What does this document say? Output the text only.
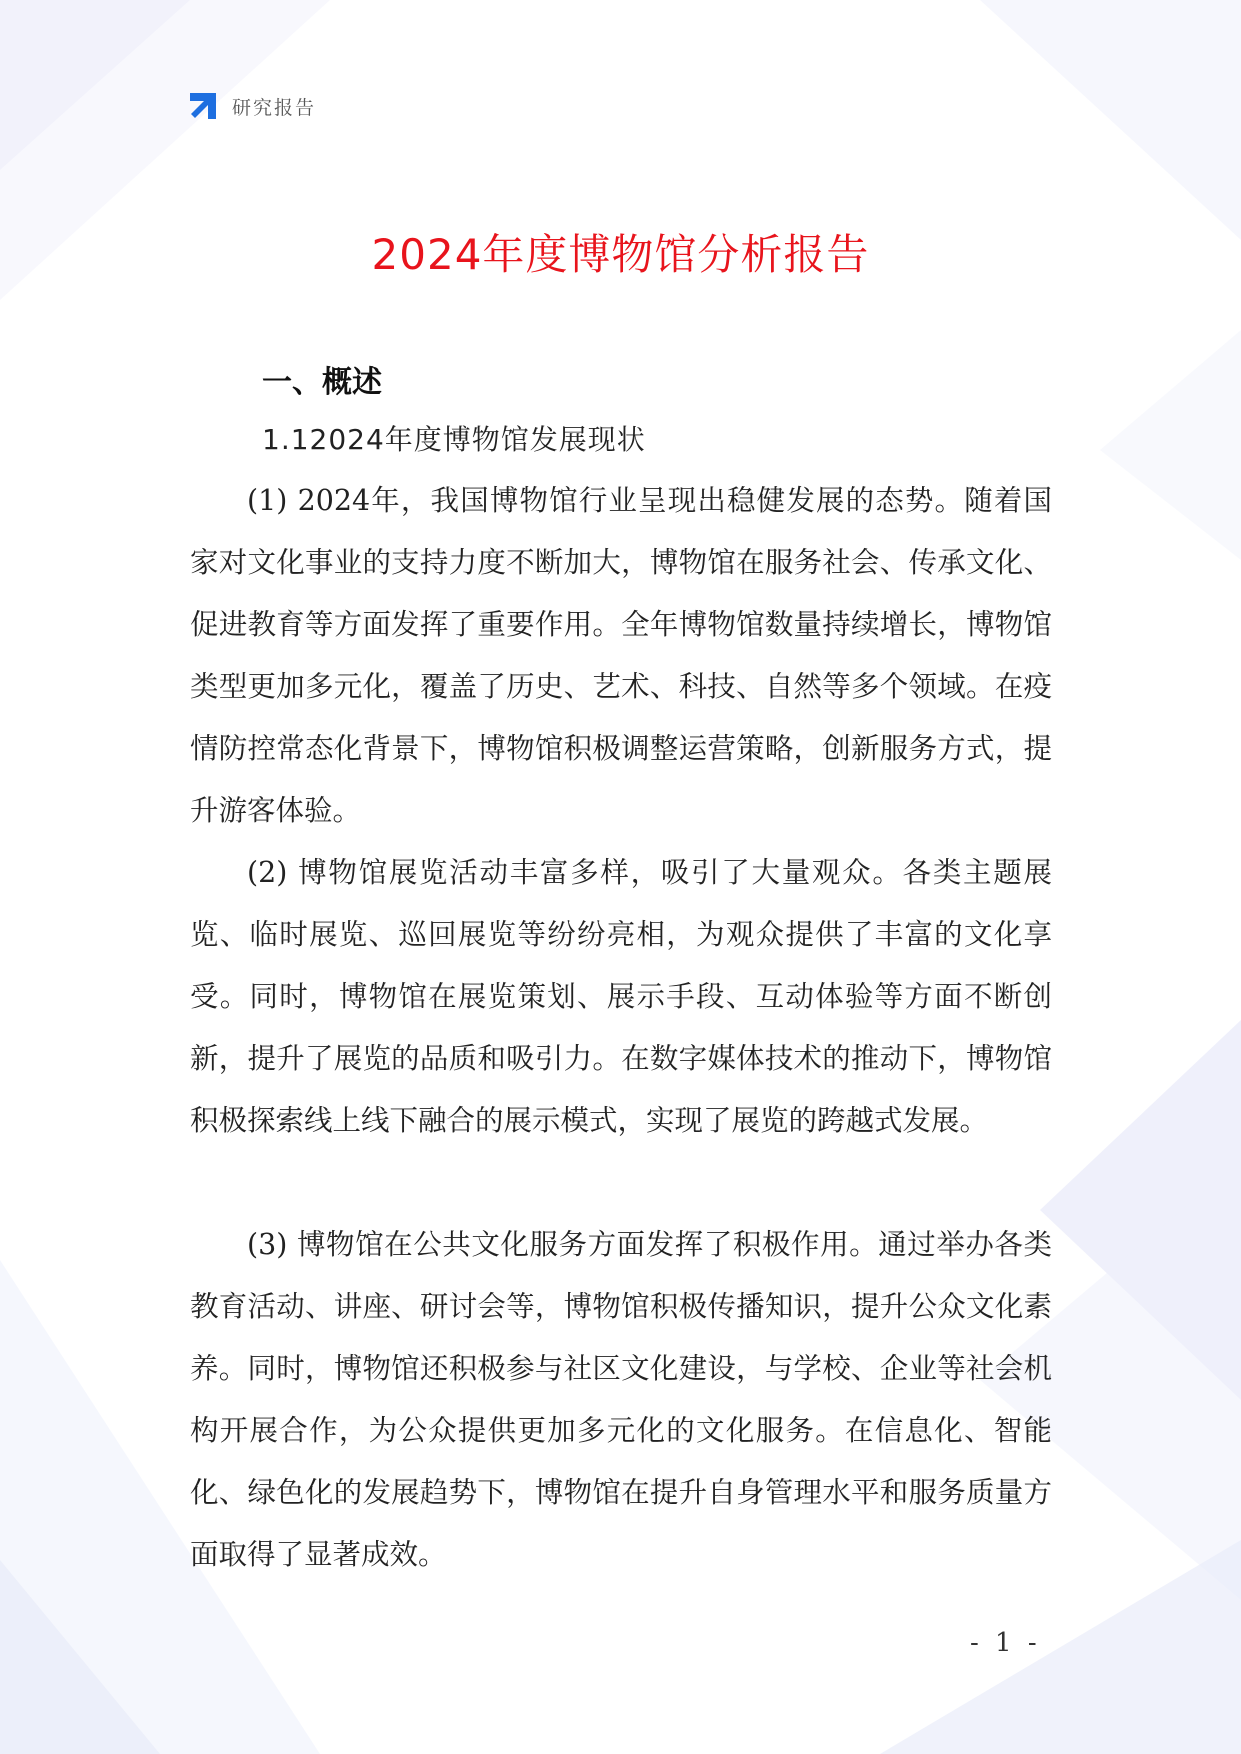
研究报告
2024年度博物馆分析报告
一、概述
1.12024年度博物馆发展现状

(1) 2024年，我国博物馆行业呈现出稳健发展的态势。随着国家对文化事业的支持力度不断加大，博物馆在服务社会、传承文化、促进教育等方面发挥了重要作用。全年博物馆数量持续增长，博物馆类型更加多元化，覆盖了历史、艺术、科技、自然等多个领域。在疫情防控常态化背景下，博物馆积极调整运营策略，创新服务方式，提升游客体验。

(2) 博物馆展览活动丰富多样，吸引了大量观众。各类主题展览、临时展览、巡回展览等纷纷亮相，为观众提供了丰富的文化享受。同时，博物馆在展览策划、展示手段、互动体验等方面不断创新，提升了展览的品质和吸引力。在数字媒体技术的推动下，博物馆积极探索线上线下融合的展示模式，实现了展览的跨越式发展。

(3) 博物馆在公共文化服务方面发挥了积极作用。通过举办各类教育活动、讲座、研讨会等，博物馆积极传播知识，提升公众文化素养。同时，博物馆还积极参与社区文化建设，与学校、企业等社会机构开展合作，为公众提供更加多元化的文化服务。在信息化、智能化、绿色化的发展趋势下，博物馆在提升自身管理水平和服务质量方面取得了显著成效。

- 1 -
